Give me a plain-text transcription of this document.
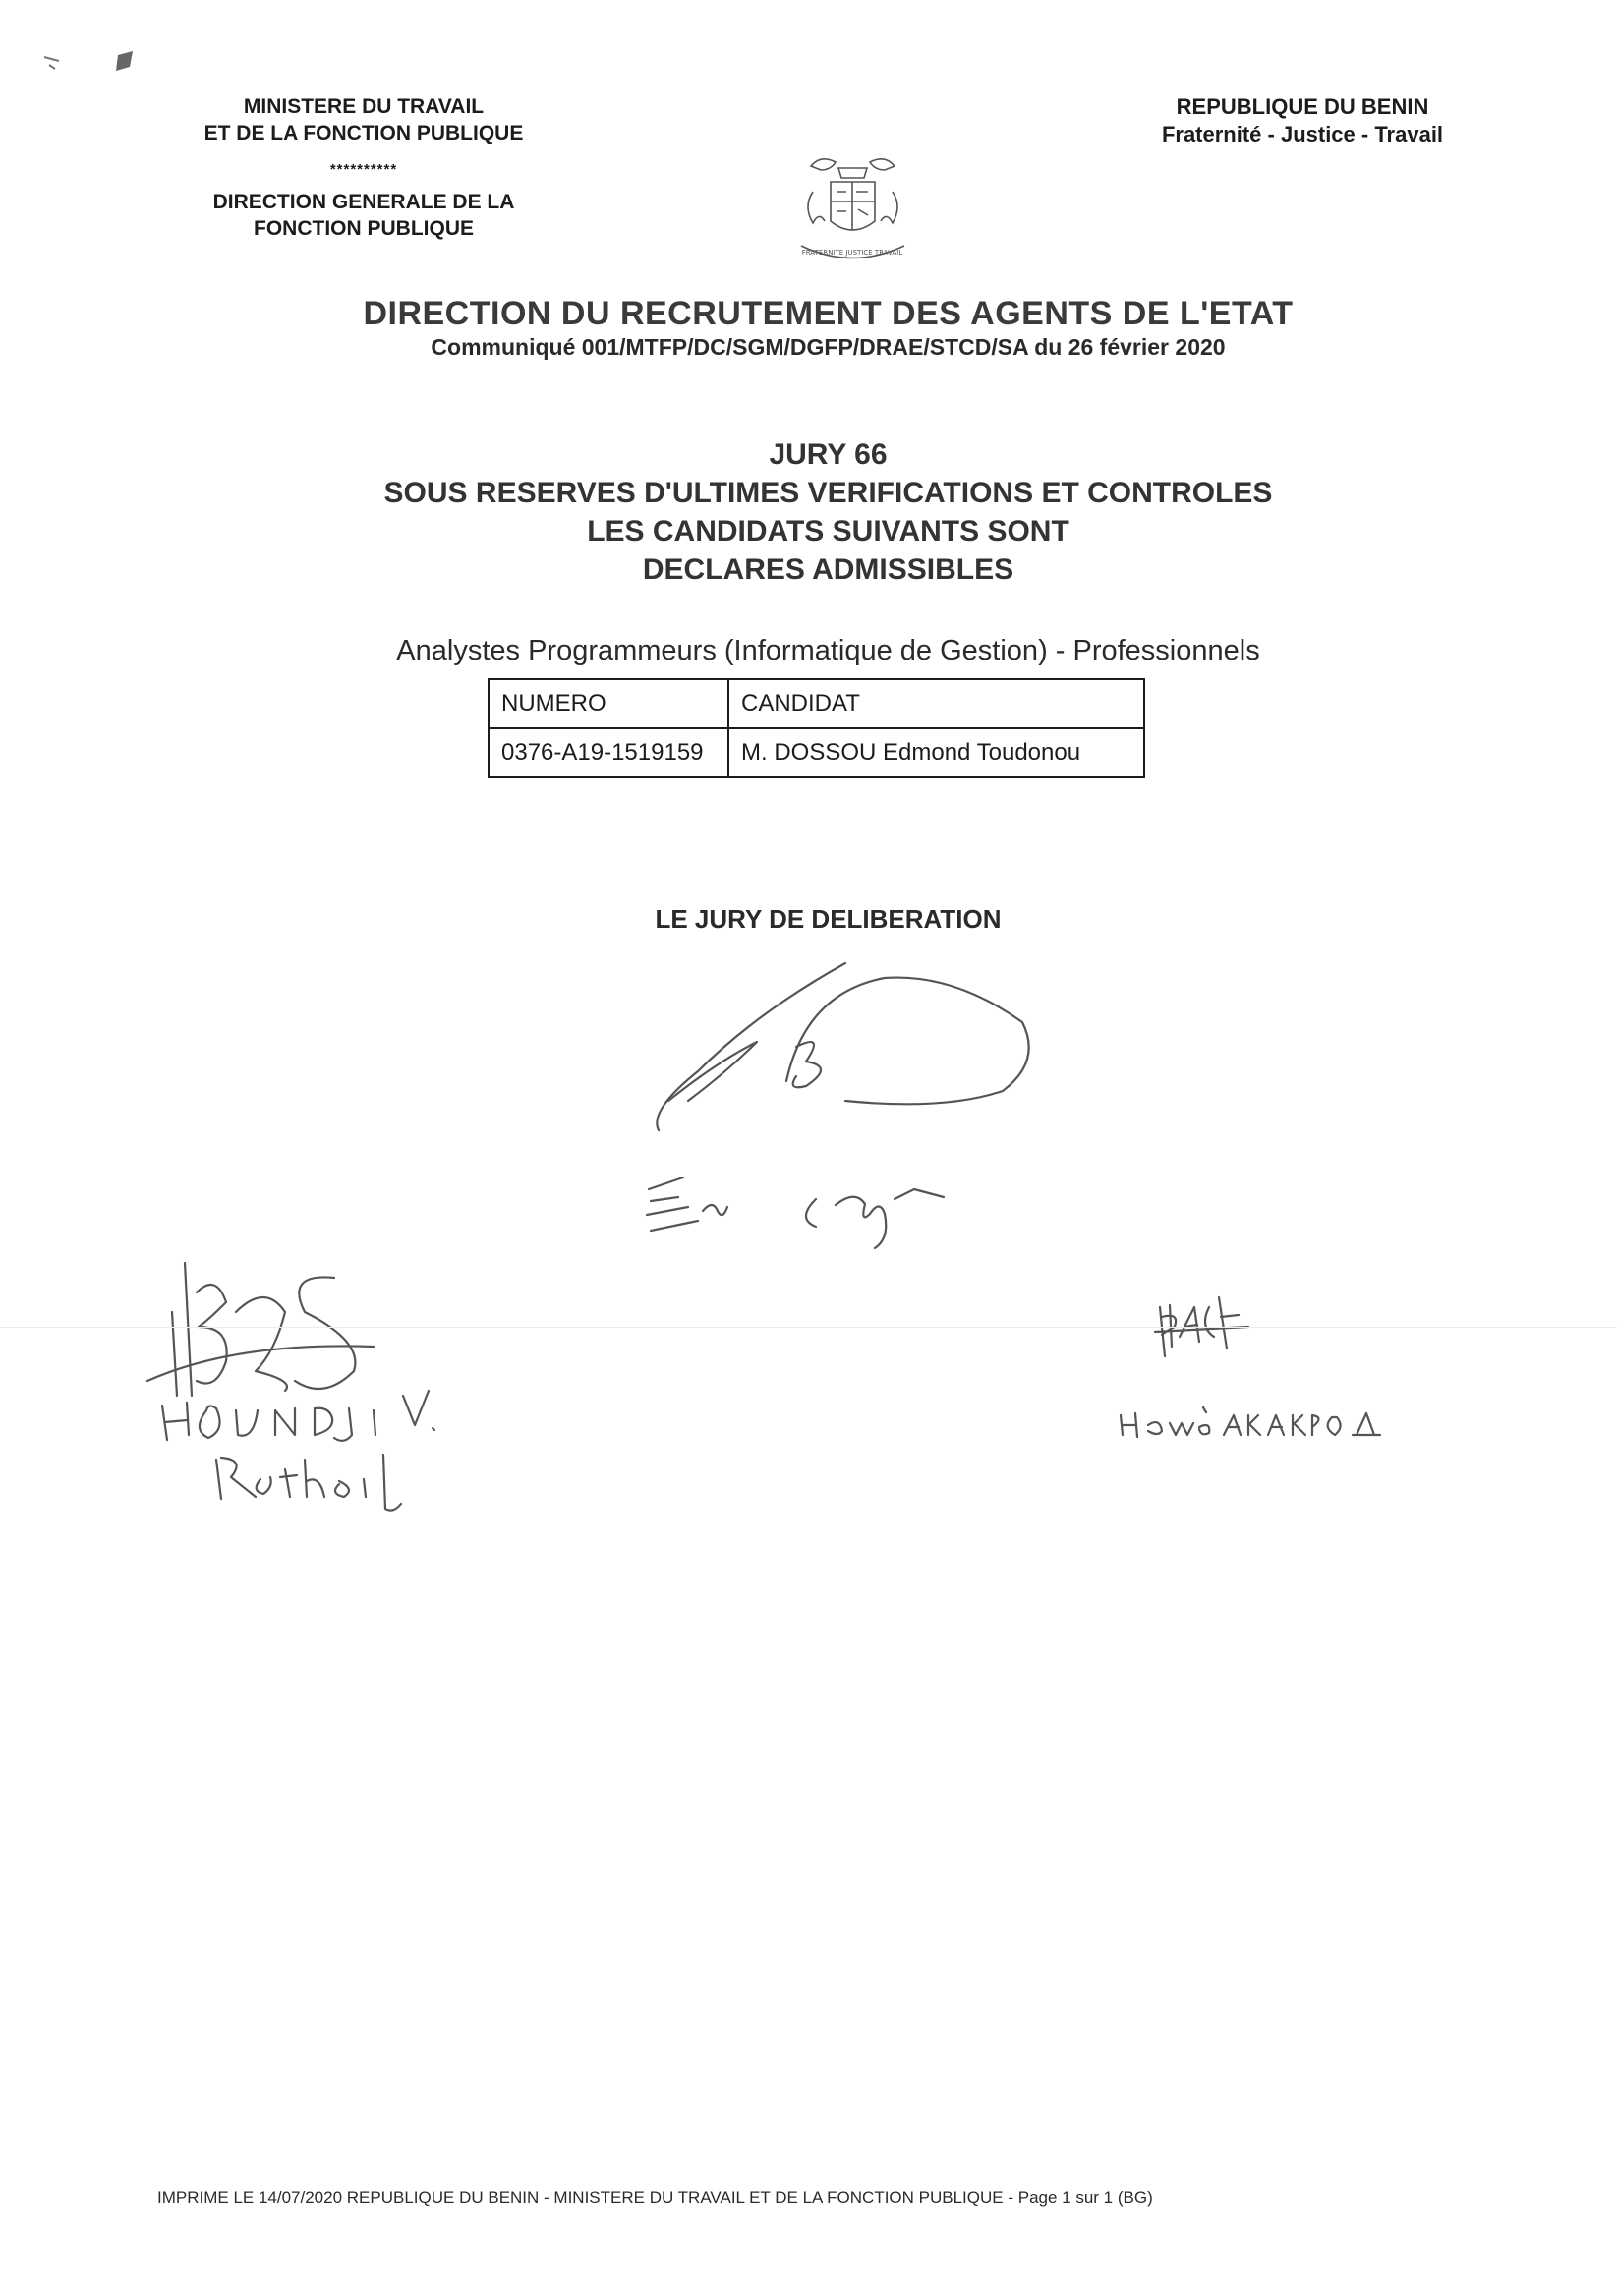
MINISTERE DU TRAVAIL
ET DE LA FONCTION PUBLIQUE
**********
DIRECTION GENERALE DE LA
FONCTION PUBLIQUE
REPUBLIQUE DU BENIN
Fraternité - Justice - Travail
FRATERNITE JUSTICE TRAVAIL
DIRECTION DU RECRUTEMENT DES AGENTS DE L'ETAT
Communiqué 001/MTFP/DC/SGM/DGFP/DRAE/STCD/SA du 26 février 2020
JURY 66
SOUS RESERVES D'ULTIMES VERIFICATIONS ET CONTROLES
LES CANDIDATS SUIVANTS SONT
DECLARES ADMISSIBLES
Analystes Programmeurs (Informatique de Gestion) - Professionnels
NUMERO	CANDIDAT
0376-A19-1519159	M. DOSSOU Edmond Toudonou
LE JURY DE DELIBERATION
IMPRIME LE 14/07/2020 REPUBLIQUE DU BENIN - MINISTERE DU TRAVAIL ET DE LA FONCTION PUBLIQUE - Page 1 sur 1 (BG)
